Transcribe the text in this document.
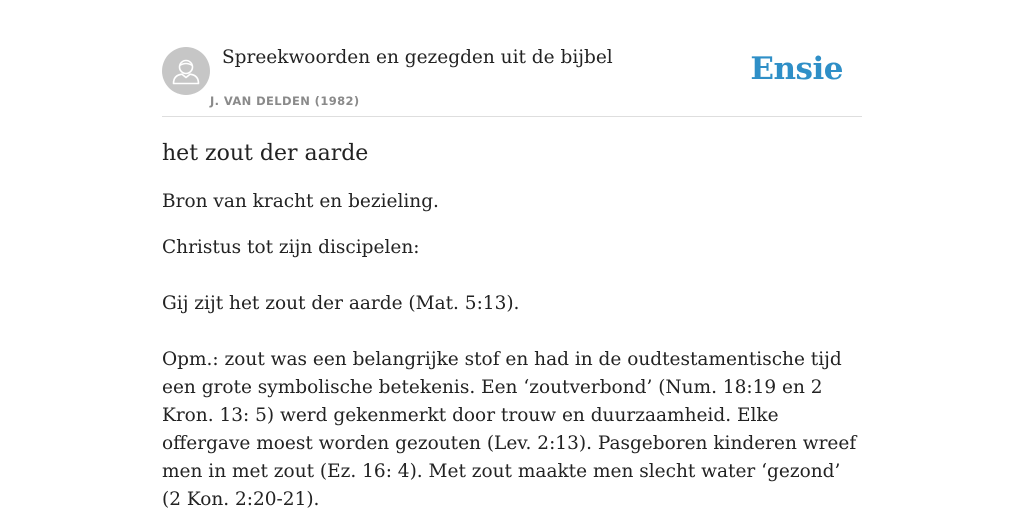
Spreekwoorden en gezegden uit de bijbel
J. VAN DELDEN (1982)
Ensie
het zout der aarde

Bron van kracht en bezieling.

Christus tot zijn discipelen:

Gij zijt het zout der aarde (Mat. 5:13).

Opm.: zout was een belangrijke stof en had in de oudtestamentische tijd een grote symbolische betekenis. Een ‘zoutverbond’ (Num. 18:19 en 2 Kron. 13: 5) werd gekenmerkt door trouw en duurzaamheid. Elke offergave moest worden gezouten (Lev. 2:13). Pasgeboren kinderen wreef men in met zout (Ez. 16: 4). Met zout maakte men slecht water ‘gezond’ (2 Kon. 2:20-21).
